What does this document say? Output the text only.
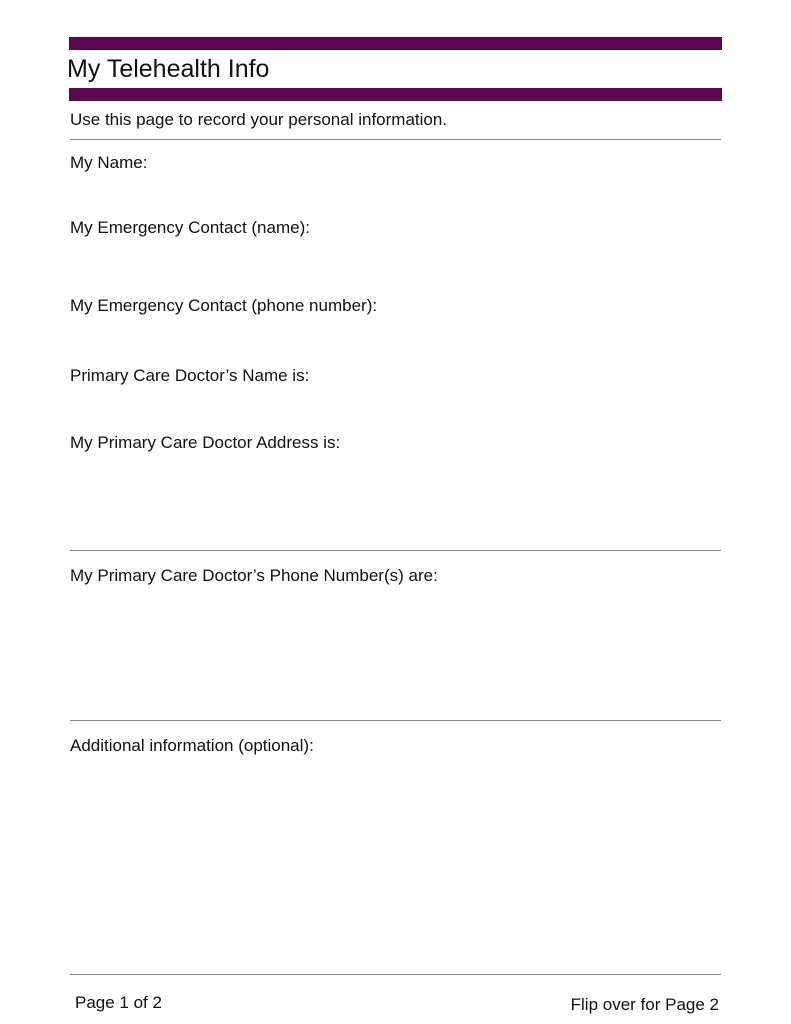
My Telehealth Info
Use this page to record your personal information.
My Name:
My Emergency Contact (name):
My Emergency Contact (phone number):
Primary Care Doctor’s Name is:
My Primary Care Doctor Address is:
My Primary Care Doctor’s Phone Number(s) are:
Additional information (optional):
Page 1 of 2	Flip over for Page 2
